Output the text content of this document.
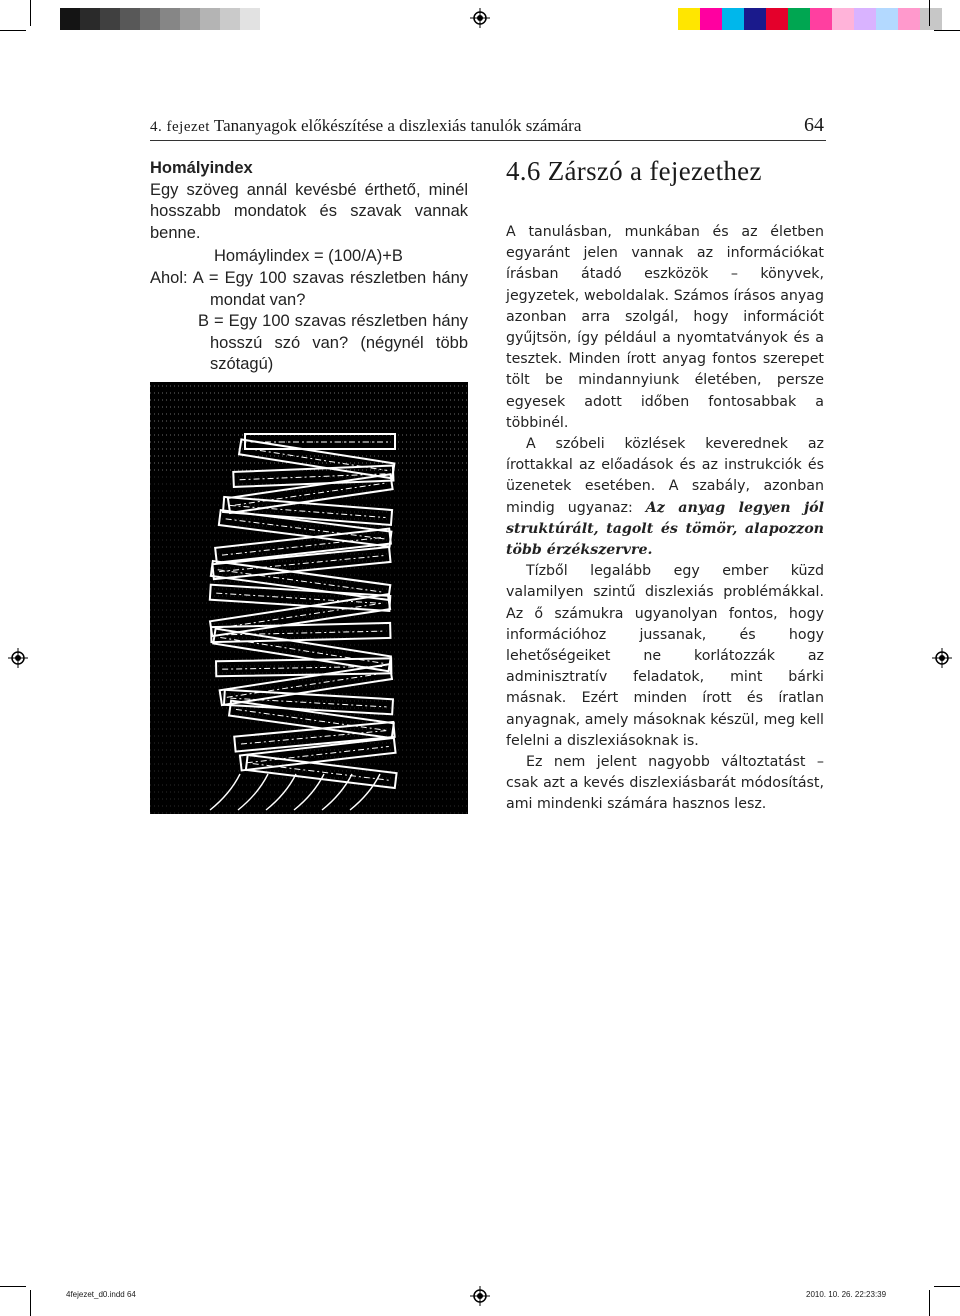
4. fejezet Tananyagok előkészítése a diszlexiás tanulók számára	64

Homályindex

Egy szöveg annál kevésbé érthető, minél hosszabb mondatok és szavak vannak benne.

Homáylindex = (100/A)+B

Ahol: A = Egy 100 szavas részletben hány mondat van?

B = Egy 100 szavas részletben hány hosszú szó van? (négynél több szótagú)

4.6 Zárszó a fejezethez

A tanulásban, munkában és az életben egyaránt jelen vannak az információkat írásban átadó eszközök – könyvek, jegyzetek, weboldalak. Számos írásos anyag azonban arra szolgál, hogy információt gyűjtsön, így például a nyomtatványok és a tesztek. Minden írott anyag fontos szerepet tölt be mindannyiunk életében, persze egyesek adott időben fontosabbak a többinél.

A szóbeli közlések keverednek az írottakkal az előadások és az instrukciók és üzenetek esetében. A szabály, azonban mindig ugyanaz: Az anyag legyen jól struktúrált, tagolt és tömör, alapozzon több érzékszervre.

Tízből legalább egy ember küzd valamilyen szintű diszlexiás problémákkal. Az ő számukra ugyanolyan fontos, hogy információhoz jussanak, és hogy lehetőségeiket ne korlátozzák az adminisztratív feladatok, mint bárki másnak. Ezért minden írott és íratlan anyagnak, amely másoknak készül, meg kell felelni a diszlexiásoknak is.

Ez nem jelent nagyobb változtatást – csak azt a kevés diszlexiásbarát módosítást, ami mindenki számára hasznos lesz.

4fejezet_d0.indd 64	2010. 10. 26. 22:23:39
